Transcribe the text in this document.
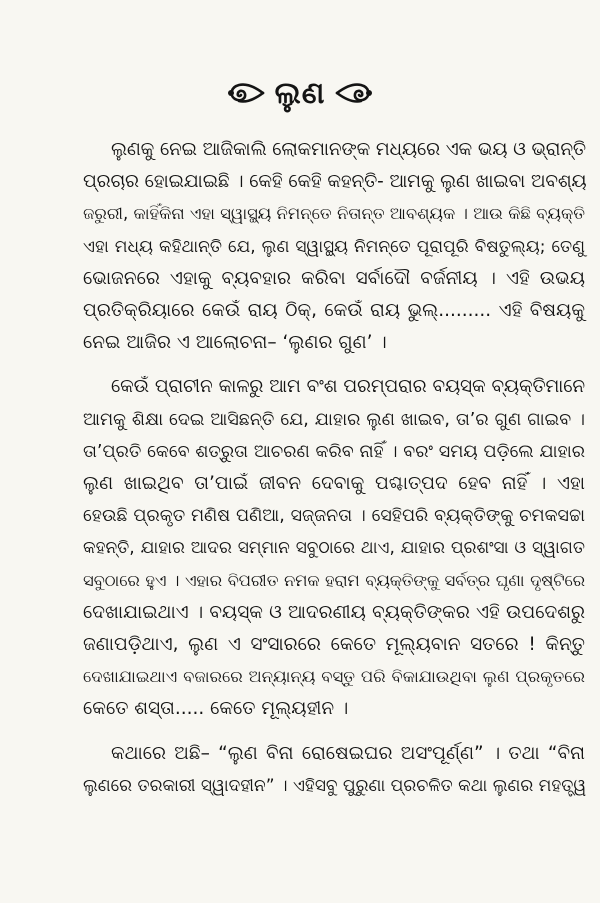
ଲୁଣ
ଲୁଣକୁ ନେଇ ଆଜିକାଲି ଲୋକମାନଙ୍କ ମଧ୍ୟରେ ଏକ ଭୟ ଓ ଭ୍ରାନ୍ତି
ପ୍ରଚାର ହୋଇଯାଇଛି । କେହି କେହି କହନ୍ତି- ଆମକୁ ଲୁଣ ଖାଇବା ଅବଶ୍ୟ
ଜରୁରୀ, କାହିଁକିନା ଏହା ସ୍ୱାସ୍ଥ୍ୟ ନିମନ୍ତେ ନିତାନ୍ତ ଆବଶ୍ୟକ । ଆଉ କିଛି ବ୍ୟକ୍ତି
ଏହା ମଧ୍ୟ କହିଥାନ୍ତି ଯେ, ଲୁଣ ସ୍ୱାସ୍ଥ୍ୟ ନିମନ୍ତେ ପୂରାପୂରି ବିଷତୁଲ୍ୟ; ତେଣୁ
ଭୋଜନରେ ଏହାକୁ ବ୍ୟବହାର କରିବା ସର୍ବାଦୌ ବର୍ଜନୀୟ । ଏହି ଉଭୟ
ପ୍ରତିକ୍ରିୟାରେ କେଉଁ ରାୟ ଠିକ୍, କେଉଁ ରାୟ ଭୁଲ୍......... ଏହି ବିଷୟକୁ
ନେଇ ଆଜିର ଏ ଆଲୋଚନା– ‘ଲୁଣର ଗୁଣ’ ।
କେଉଁ ପ୍ରାଚୀନ କାଳରୁ ଆମ ବଂଶ ପରମ୍ପରାର ବୟସ୍କ ବ୍ୟକ୍ତିମାନେ
ଆମକୁ ଶିକ୍ଷା ଦେଇ ଆସିଛନ୍ତି ଯେ, ଯାହାର ଲୁଣ ଖାଇବ, ତା’ର ଗୁଣ ଗାଇବ ।
ତା’ପ୍ରତି କେବେ ଶତ୍ରୁତା ଆଚରଣ କରିବ ନାହିଁ । ବରଂ ସମୟ ପଡ଼ିଲେ ଯାହାର
ଲୁଣ ଖାଇଥିବ ତା’ପାଇଁ ଜୀବନ ଦେବାକୁ ପଶ୍ଚାତ୍‌ପଦ ହେବ ନାହିଁ । ଏହା
ହେଉଛି ପ୍ରକୃତ ମଣିଷ ପଣିଆ, ସଜ୍ଜନତା । ସେହିପରି ବ୍ୟକ୍ତିଙ୍କୁ ଚମକସଚ୍ଚା
କହନ୍ତି, ଯାହାର ଆଦର ସମ୍ମାନ ସବୁଠାରେ ଥାଏ, ଯାହାର ପ୍ରଶଂସା ଓ ସ୍ୱାଗତ
ସବୁଠାରେ ହୁଏ । ଏହାର ବିପରୀତ ନମକ ହରାମ ବ୍ୟକ୍ତିଙ୍କୁ ସର୍ବତ୍ର ଘୃଣା ଦୃଷ୍ଟିରେ
ଦେଖାଯାଇଥାଏ । ବୟସ୍କ ଓ ଆଦରଣୀୟ ବ୍ୟକ୍ତିଙ୍କର ଏହି ଉପଦେଶରୁ
ଜଣାପଡ଼ିଥାଏ, ଲୁଣ ଏ ସଂସାରରେ କେତେ ମୂଲ୍ୟବାନ ସତରେ ! କିନ୍ତୁ
ଦେଖାଯାଇଥାଏ ବଜାରରେ ଅନ୍ୟାନ୍ୟ ବସ୍ତୁ ପରି ବିକାଯାଉଥିବା ଲୁଣ ପ୍ରକୃତରେ
କେତେ ଶସ୍ତା..... କେତେ ମୂଲ୍ୟହୀନ ।
କଥାରେ ଅଛି– “ଲୁଣ ବିନା ରୋଷେଇଘର ଅସଂପୂର୍ଣ୍ଣ” । ତଥା “ବିନା
ଲୁଣରେ ତରକାରୀ ସ୍ୱାଦହୀନ” । ଏହିସବୁ ପୁରୁଣା ପ୍ରଚଳିତ କଥା ଲୁଣର ମହତ୍ତ୍ୱ
